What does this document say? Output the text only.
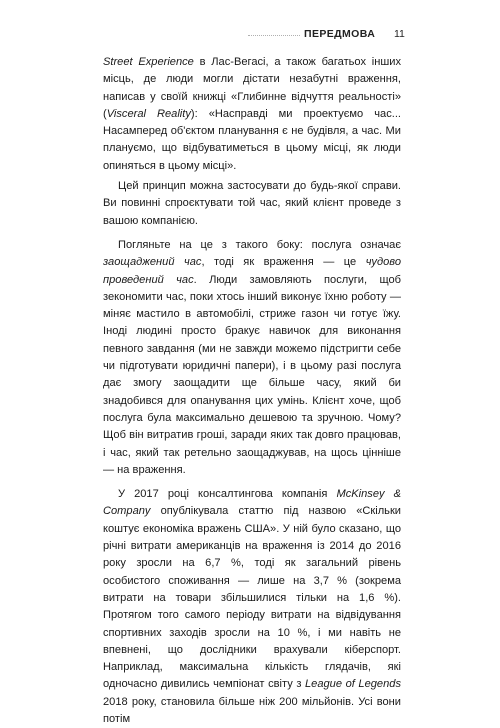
ПЕРЕДМОВА 11

Street Experience в Лас-Вегасі, а також багатьох інших місць, де люди могли дістати незабутні враження, написав у своїй книжці «Глибинне відчуття реальності» (Visceral Reality): «Насправді ми проектуємо час... Насамперед об'єктом планування є не будівля, а час. Ми плануємо, що відбуватиметься в цьому місці, як люди опиняться в цьому місці».

Цей принцип можна застосувати до будь-якої справи. Ви повинні спроєктувати той час, який клієнт проведе з вашою компанією.

Погляньте на це з такого боку: послуга означає заощаджений час, тоді як враження — це чудово проведений час. Люди замовляють послуги, щоб зекономити час, поки хтось інший виконує їхню роботу — міняє мастило в автомобілі, стриже газон чи готує їжу. Іноді людині просто бракує навичок для виконання певного завдання (ми не завжди можемо підстригти себе чи підготувати юридичні папери), і в цьому разі послуга дає змогу заощадити ще більше часу, який би знадобився для опанування цих умінь. Клієнт хоче, щоб послуга була максимально дешевою та зручною. Чому? Щоб він витратив гроші, заради яких так довго працював, і час, який так ретельно заощаджував, на щось цінніше — на враження.

У 2017 році консалтингова компанія McKinsey & Company опублікувала статтю під назвою «Скільки коштує економіка вражень США». У ній було сказано, що річні витрати американців на враження із 2014 до 2016 року зросли на 6,7 %, тоді як загальний рівень особистого споживання — лише на 3,7 % (зокрема витрати на товари збільшилися тільки на 1,6 %). Протягом того самого періоду витрати на відвідування спортивних заходів зросли на 10 %, і ми навіть не впевнені, що дослідники врахували кіберспорт. Наприклад, максимальна кількість глядачів, які одночасно дивились чемпіонат світу з League of Legends 2018 року, становила більше ніж 200 мільйонів. Усі вони потім
